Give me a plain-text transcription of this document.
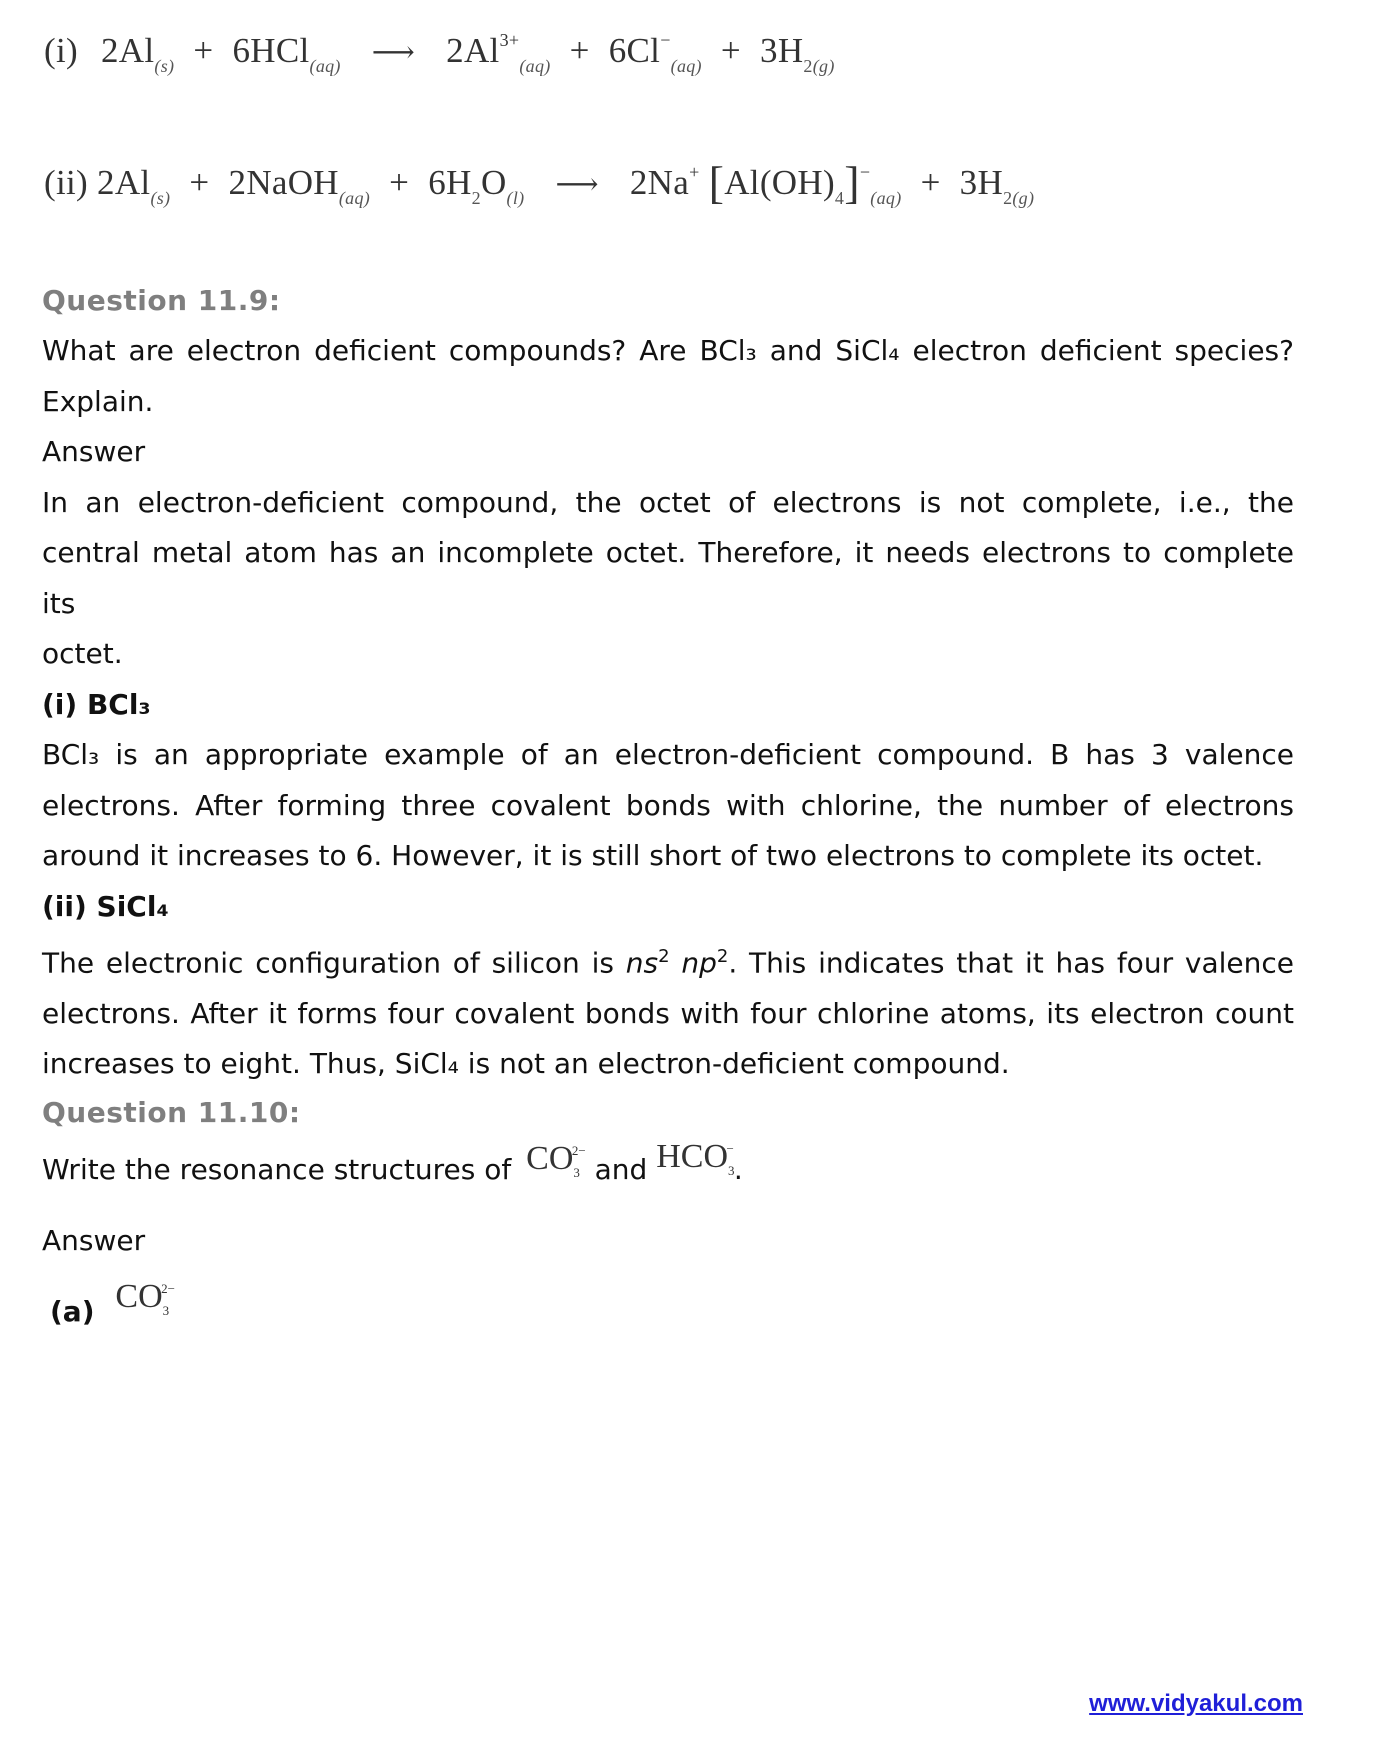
(i) $2Al_{(s)} + 6HCl_{(aq)}$ ⟶ $2Al^{3+}_{(aq)} + 6Cl^-_{(aq)} + 3H_{2(g)}$
(ii) $2Al_{(s)}$ + 2NaOH$_{(aq)}$ + $6H_2O_{(l)}$ ⟶ 2Na+ $[Al(OH)_4]^-_{(aq)} + 3H_{2(g)}$
Question 11.9:
What are electron deficient compounds? Are BCl₃ and SiCl₄ electron deficient species?
Explain.
Answer
In an electron-deficient compound, the octet of electrons is not complete, i.e., the
central metal atom has an incomplete octet. Therefore, it needs electrons to complete its
octet.
(i) BCl₃
BCl₃ is an appropriate example of an electron-deficient compound. B has 3 valence
electrons. After forming three covalent bonds with chlorine, the number of electrons
around it increases to 6. However, it is still short of two electrons to complete its octet.
(ii) SiCl₄
The electronic configuration of silicon is $ns^2$ $np^2$. This indicates that it has four valence
electrons. After it forms four covalent bonds with four chlorine atoms, its electron count
increases to eight. Thus, SiCl₄ is not an electron-deficient compound.
Question 11.10:
Write the resonance structures of $CO_3^{2-}$ and $HCO_3^-$.
Answer
(a) $CO_3^{2-}$
www.vidyakul.com
